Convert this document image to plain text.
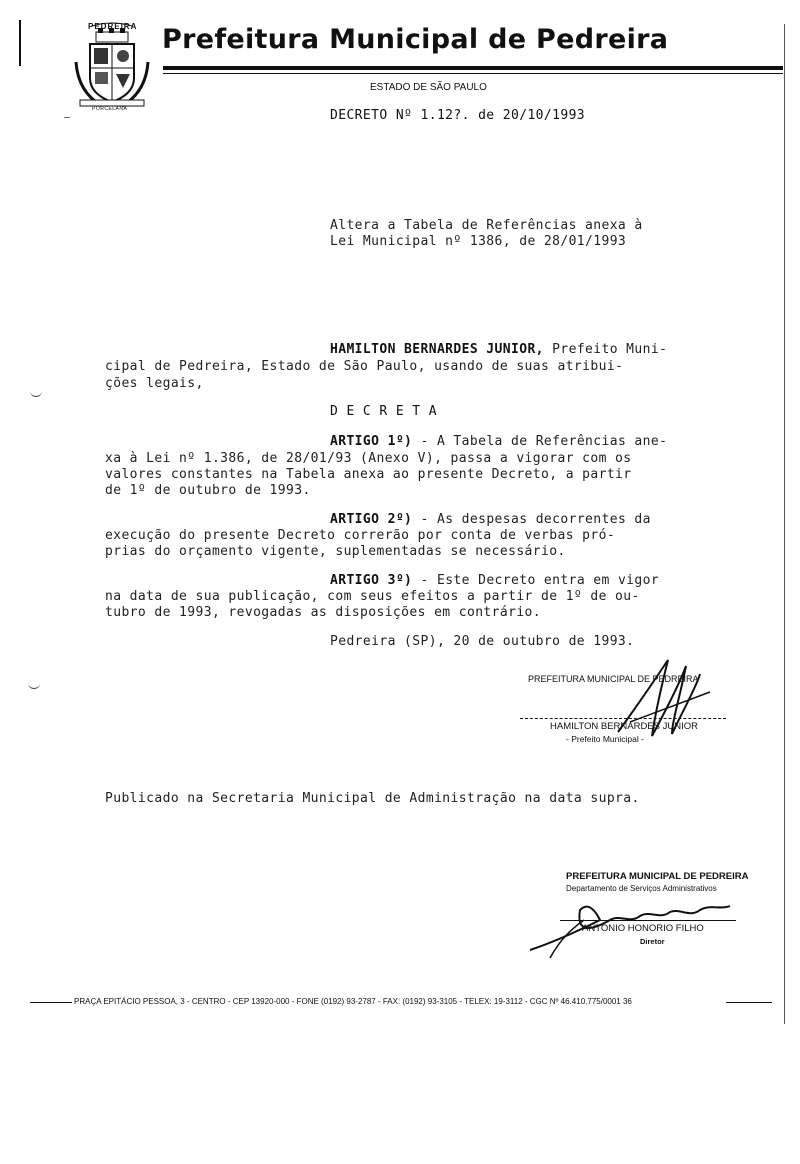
PEDREIRA
PORCELANA
Prefeitura Municipal de Pedreira
ESTADO DE SÃO PAULO
DECRETO Nº 1.12?. de 20/10/1993
Altera a Tabela de Referências anexa à
Lei Municipal nº 1386, de 28/01/1993
HAMILTON BERNARDES JUNIOR, Prefeito Muni-
cipal de Pedreira, Estado de São Paulo, usando de suas atribui-
ções legais,
D E C R E T A
ARTIGO 1º) - A Tabela de Referências ane-
xa à Lei nº 1.386, de 28/01/93 (Anexo V), passa a vigorar com os
valores constantes na Tabela anexa ao presente Decreto, a partir
de 1º de outubro de 1993.
ARTIGO 2º) - As despesas decorrentes da
execução do presente Decreto correrão por conta de verbas pró-
prias do orçamento vigente, suplementadas se necessário.
ARTIGO 3º) - Este Decreto entra em vigor
na data de sua publicação, com seus efeitos a partir de 1º de ou-
tubro de 1993, revogadas as disposições em contrário.
Pedreira (SP), 20 de outubro de 1993.
PREFEITURA MUNICIPAL DE PEDREIRA
HAMILTON BERNARDES JUNIOR
- Prefeito Municipal -
Publicado na Secretaria Municipal de Administração na data supra.
PREFEITURA MUNICIPAL DE PEDREIRA
Departamento de Serviços Administrativos
ANTONIO HONORIO FILHO
Diretor
PRAÇA EPITÁCIO PESSOA, 3 - CENTRO - CEP 13920-000 - FONE (0192) 93-2787 - FAX: (0192) 93-3105 - TELEX: 19-3112 - CGC Nº 46.410.775/0001 36
